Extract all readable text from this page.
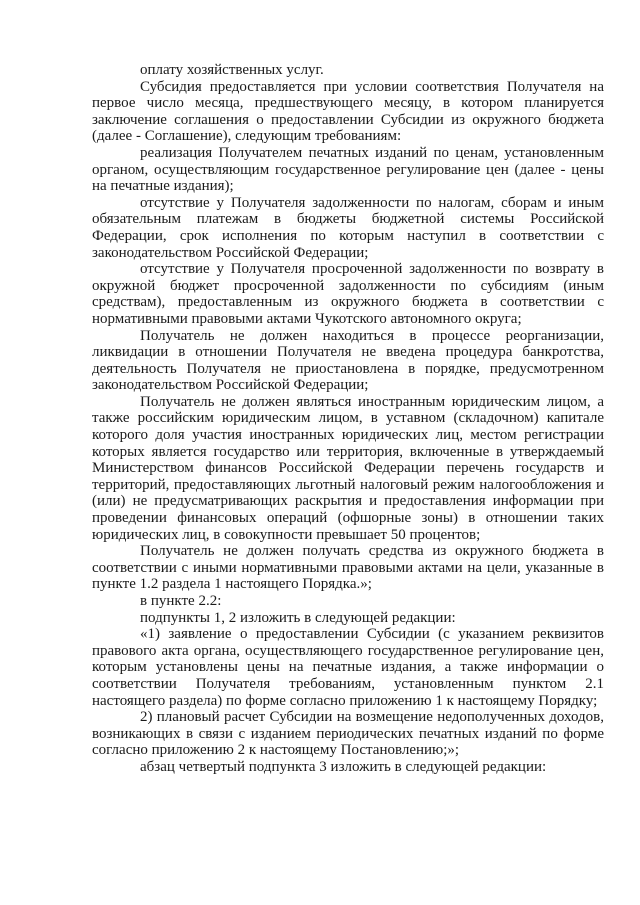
оплату хозяйственных услуг.

Субсидия предоставляется при условии соответствия Получателя на первое число месяца, предшествующего месяцу, в котором планируется заключение соглашения о предоставлении Субсидии из окружного бюджета (далее - Соглашение), следующим требованиям:

реализация Получателем печатных изданий по ценам, установленным органом, осуществляющим государственное регулирование цен (далее - цены на печатные издания);

отсутствие у Получателя задолженности по налогам, сборам и иным обязательным платежам в бюджеты бюджетной системы Российской Федерации, срок исполнения по которым наступил в соответствии с законодательством Российской Федерации;

отсутствие у Получателя просроченной задолженности по возврату в окружной бюджет просроченной задолженности по субсидиям (иным средствам), предоставленным из окружного бюджета в соответствии с нормативными правовыми актами Чукотского автономного округа;

Получатель не должен находиться в процессе реорганизации, ликвидации в отношении Получателя не введена процедура банкротства, деятельность Получателя не приостановлена в порядке, предусмотренном законодательством Российской Федерации;

Получатель не должен являться иностранным юридическим лицом, а также российским юридическим лицом, в уставном (складочном) капитале которого доля участия иностранных юридических лиц, местом регистрации которых является государство или территория, включенные в утверждаемый Министерством финансов Российской Федерации перечень государств и территорий, предоставляющих льготный налоговый режим налогообложения и (или) не предусматривающих раскрытия и предоставления информации при проведении финансовых операций (офшорные зоны) в отношении таких юридических лиц, в совокупности превышает 50 процентов;

Получатель не должен получать средства из окружного бюджета в соответствии с иными нормативными правовыми актами на цели, указанные в пункте 1.2 раздела 1 настоящего Порядка.»;

в пункте 2.2:

подпункты 1, 2 изложить в следующей редакции:

«1) заявление о предоставлении Субсидии (с указанием реквизитов правового акта органа, осуществляющего государственное регулирование цен, которым установлены цены на печатные издания, а также информации о соответствии Получателя требованиям, установленным пунктом 2.1 настоящего раздела) по форме согласно приложению 1 к настоящему Порядку;

2) плановый расчет Субсидии на возмещение недополученных доходов, возникающих в связи с изданием периодических печатных изданий по форме согласно приложению 2 к настоящему Постановлению;»;

абзац четвертый подпункта 3 изложить в следующей редакции:
